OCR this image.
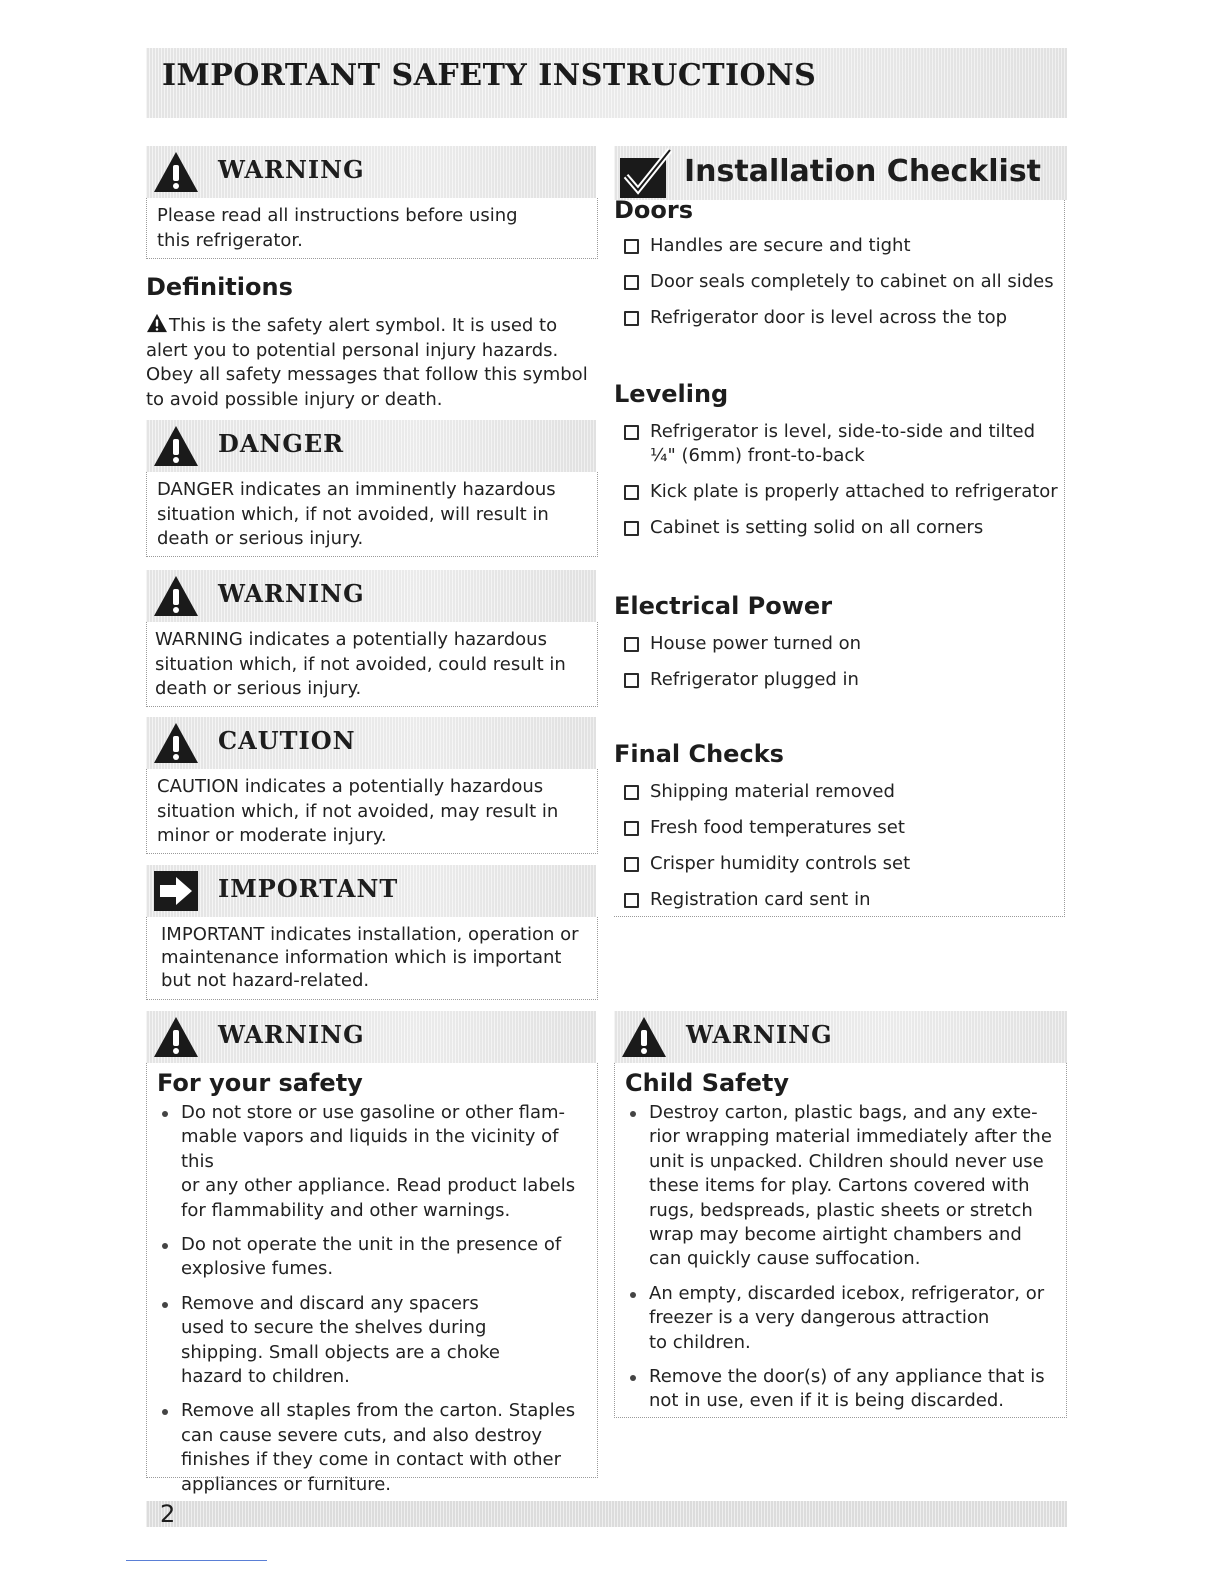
IMPORTANT SAFETY INSTRUCTIONS
WARNING
Please read all instructions before using
this refrigerator.
Definitions
This is the safety alert symbol. It is used to
alert you to potential personal injury hazards.
Obey all safety messages that follow this symbol
to avoid possible injury or death.
DANGER
DANGER indicates an imminently hazardous
situation which, if not avoided, will result in
death or serious injury.
WARNING
WARNING indicates a potentially hazardous
situation which, if not avoided, could result in
death or serious injury.
CAUTION
CAUTION indicates a potentially hazardous
situation which, if not avoided, may result in
minor or moderate injury.
IMPORTANT
IMPORTANT indicates installation, operation or
maintenance information which is important
but not hazard-related.
WARNING
For your safety
Do not store or use gasoline or other flam-
mable vapors and liquids in the vicinity of this
or any other appliance. Read product labels
for flammability and other warnings.
Do not operate the unit in the presence of
explosive fumes.
Remove and discard any spacers
used to secure the shelves during
shipping. Small objects are a choke
hazard to children.
Remove all staples from the carton. Staples
can cause severe cuts, and also destroy
finishes if they come in contact with other
appliances or furniture.
Installation Checklist
Doors
Handles are secure and tight
Door seals completely to cabinet on all sides
Refrigerator door is level across the top
Leveling
Refrigerator is level, side-to-side and tilted
¼" (6mm) front-to-back
Kick plate is properly attached to refrigerator
Cabinet is setting solid on all corners
Electrical Power
House power turned on
Refrigerator plugged in
Final Checks
Shipping material removed
Fresh food temperatures set
Crisper humidity controls set
Registration card sent in
WARNING
Child Safety
Destroy carton, plastic bags, and any exte-
rior wrapping material immediately after the
unit is unpacked. Children should never use
these items for play. Cartons covered with
rugs, bedspreads, plastic sheets or stretch
wrap may become airtight chambers and
can quickly cause suffocation.
An empty, discarded icebox, refrigerator, or
freezer is a very dangerous attraction
to children.
Remove the door(s) of any appliance that is
not in use, even if it is being discarded.
2
